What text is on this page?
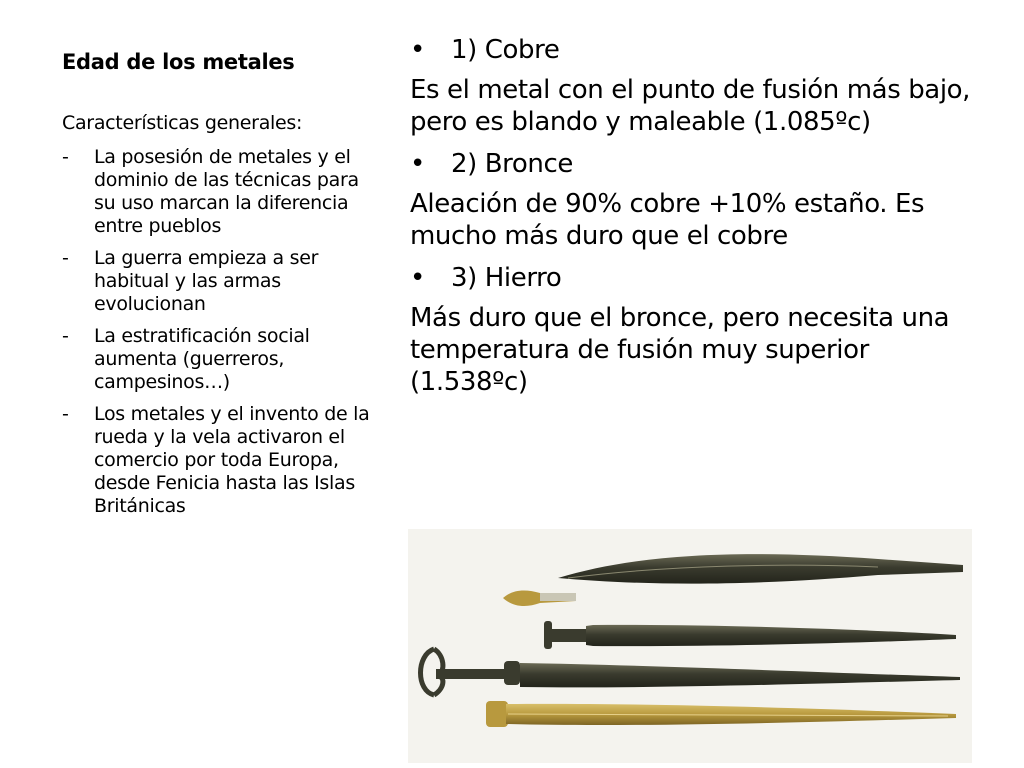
Edad de los metales
Características generales:
- La posesión de metales y el dominio de las técnicas para su uso marcan la diferencia entre pueblos
- La guerra empieza a ser habitual y las armas evolucionan
- La estratificación social aumenta (guerreros, campesinos…)
- Los metales y el invento de la rueda y la vela activaron el comercio por toda Europa, desde Fenicia hasta las Islas Británicas
• 1) Cobre
Es el metal con el punto de fusión más bajo, pero es blando y maleable (1.085ºc)
• 2) Bronce
Aleación de 90% cobre +10% estaño. Es mucho más duro que el cobre
• 3) Hierro
Más duro que el bronce, pero necesita una temperatura de fusión muy superior (1.538ºc)
